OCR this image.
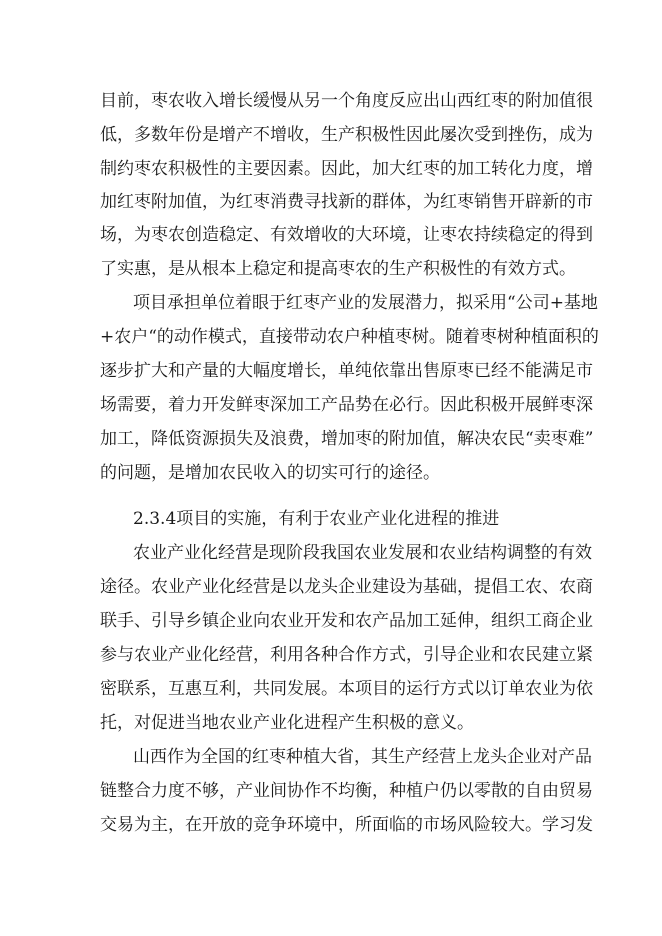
目前，枣农收入增长缓慢从另一个角度反应出山西红枣的附加值很
低，多数年份是增产不增收，生产积极性因此屡次受到挫伤，成为
制约枣农积极性的主要因素。因此，加大红枣的加工转化力度，增
加红枣附加值，为红枣消费寻找新的群体，为红枣销售开辟新的市
场，为枣农创造稳定、有效增收的大环境，让枣农持续稳定的得到
了实惠，是从根本上稳定和提高枣农的生产积极性的有效方式。
项目承担单位着眼于红枣产业的发展潜力，拟采用“公司+基地
+农户“的动作模式，直接带动农户种植枣树。随着枣树种植面积的
逐步扩大和产量的大幅度增长，单纯依靠出售原枣已经不能满足市
场需要，着力开发鲜枣深加工产品势在必行。因此积极开展鲜枣深
加工，降低资源损失及浪费，增加枣的附加值，解决农民“卖枣难”
的问题，是增加农民收入的切实可行的途径。
2.3.4项目的实施，有利于农业产业化进程的推进
农业产业化经营是现阶段我国农业发展和农业结构调整的有效
途径。农业产业化经营是以龙头企业建设为基础，提倡工农、农商
联手、引导乡镇企业向农业开发和农产品加工延伸，组织工商企业
参与农业产业化经营，利用各种合作方式，引导企业和农民建立紧
密联系，互惠互利，共同发展。本项目的运行方式以订单农业为依
托，对促进当地农业产业化进程产生积极的意义。
山西作为全国的红枣种植大省，其生产经营上龙头企业对产品
链整合力度不够，产业间协作不均衡，种植户仍以零散的自由贸易
交易为主，在开放的竞争环境中，所面临的市场风险较大。学习发
